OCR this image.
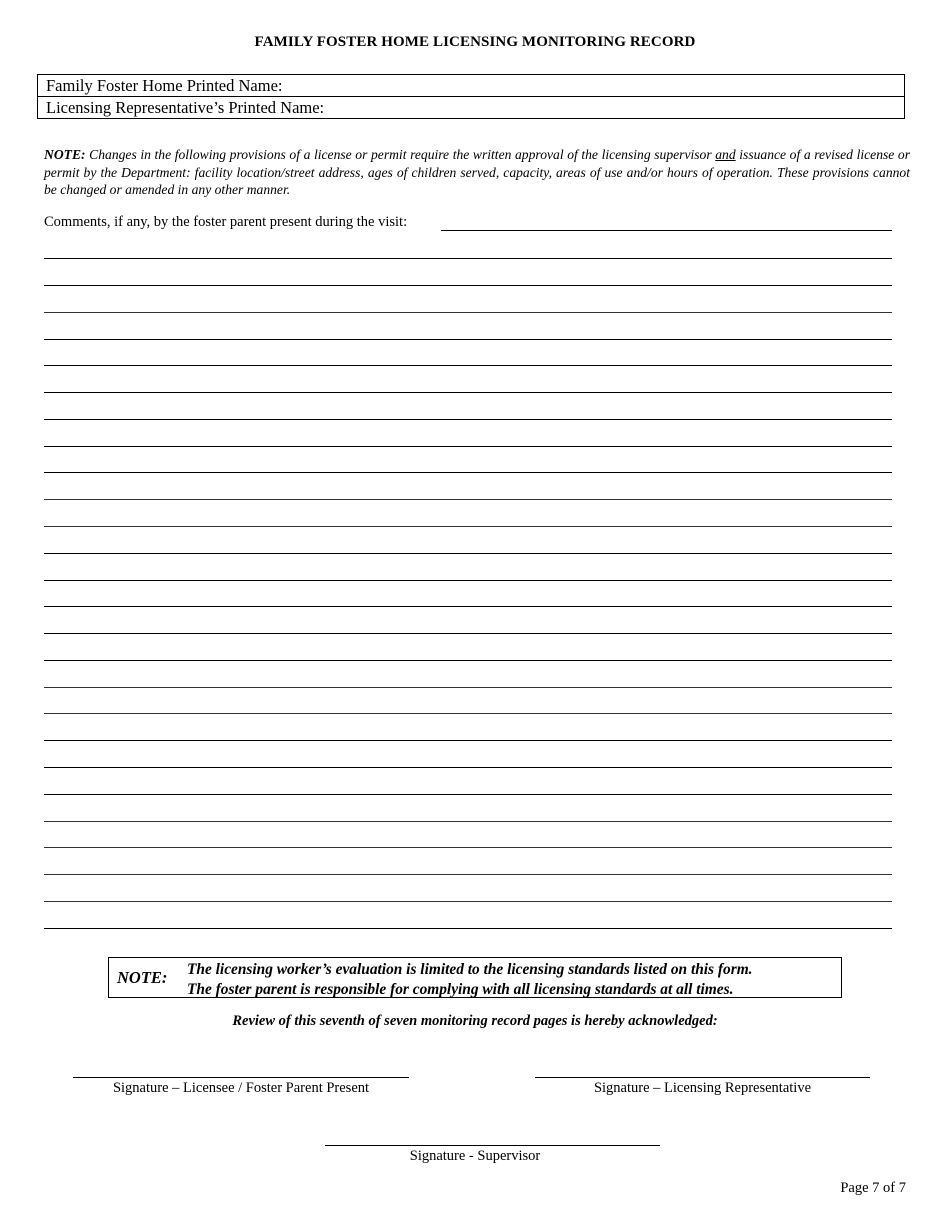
FAMILY FOSTER HOME LICENSING MONITORING RECORD
Family Foster Home Printed Name:
Licensing Representative’s Printed Name:
NOTE: Changes in the following provisions of a license or permit require the written approval of the licensing supervisor and issuance of a revised license or permit by the Department: facility location/street address, ages of children served, capacity, areas of use and/or hours of operation. These provisions cannot be changed or amended in any other manner.
Comments, if any, by the foster parent present during the visit:
NOTE: The licensing worker’s evaluation is limited to the licensing standards listed on this form.
The foster parent is responsible for complying with all licensing standards at all times.
Review of this seventh of seven monitoring record pages is hereby acknowledged:
Signature – Licensee / Foster Parent Present	Signature – Licensing Representative
Signature - Supervisor
Page 7 of 7
